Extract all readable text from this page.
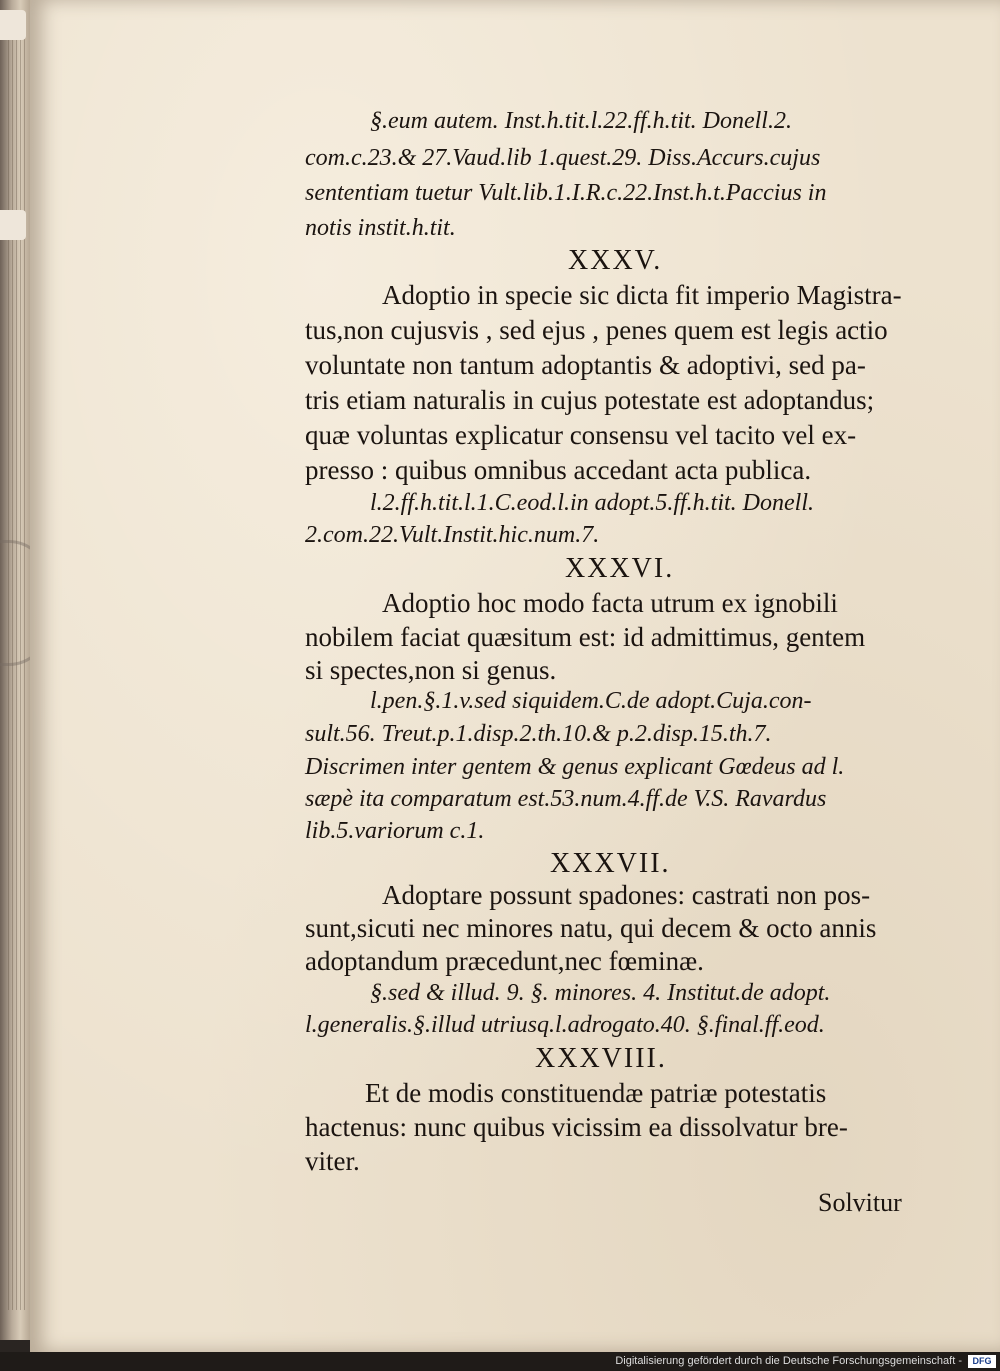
§.eum autem. Inst.h.tit.l.22.ff.h.tit. Donell.2.
com.c.23.& 27.Vaud.lib 1.quest.29. Diss.Accurs.cujus
sententiam tuetur Vult.lib.1.I.R.c.22.Inst.h.t.Paccius in
notis instit.h.tit.
XXXV.
Adoptio in specie sic dicta fit imperio Magistra-
tus,non cujusvis , sed ejus , penes quem est legis actio
voluntate non tantum adoptantis & adoptivi, sed pa-
tris etiam naturalis in cujus potestate est adoptandus;
quæ voluntas explicatur consensu vel tacito vel ex-
presso : quibus omnibus accedant acta publica.
l.2.ff.h.tit.l.1.C.eod.l.in adopt.5.ff.h.tit. Donell.
2.com.22.Vult.Instit.hic.num.7.
XXXVI.
Adoptio hoc modo facta utrum ex ignobili
nobilem faciat quæsitum est: id admittimus, gentem
si spectes,non si genus.
l.pen.§.1.v.sed siquidem.C.de adopt.Cuja.con-
sult.56. Treut.p.1.disp.2.th.10.& p.2.disp.15.th.7.
Discrimen inter gentem & genus explicant Gœdeus ad l.
sæpè ita comparatum est.53.num.4.ff.de V.S. Ravardus
lib.5.variorum c.1.
XXXVII.
Adoptare possunt spadones: castrati non pos-
sunt,sicuti nec minores natu, qui decem & octo annis
adoptandum præcedunt,nec fœminæ.
§.sed & illud. 9. §. minores. 4. Institut.de adopt.
l.generalis.§.illud utriusq.l.adrogato.40. §.final.ff.eod.
XXXVIII.
Et de modis constituendæ patriæ potestatis
hactenus: nunc quibus vicissim ea dissolvatur bre-
viter.
Solvitur
Digitalisierung gefördert durch die Deutsche Forschungsgemeinschaft -	DFG
